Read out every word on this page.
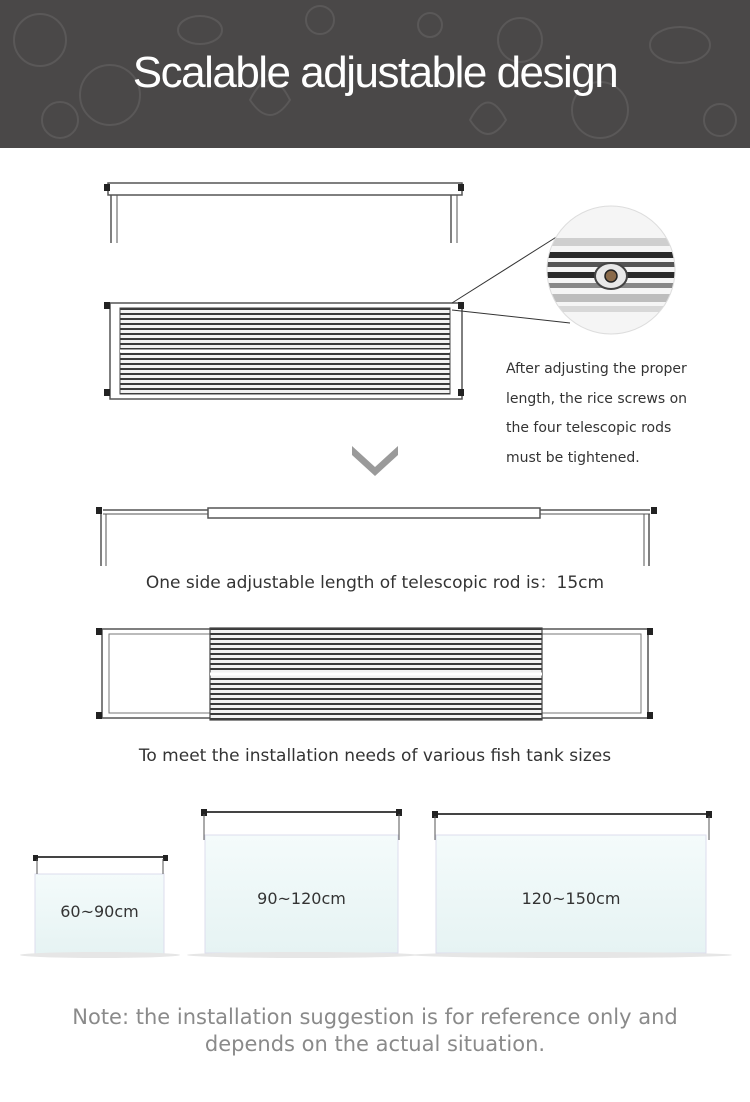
Scalable adjustable design
After adjusting the proper
length, the rice screws on
the four telescopic rods
must be tightened.
One side adjustable length of telescopic rod is：15cm
To meet the installation needs of various fish tank sizes
60~90cm
90~120cm	120~150cm
Note: the installation suggestion is for reference only and
depends on the actual situation.
